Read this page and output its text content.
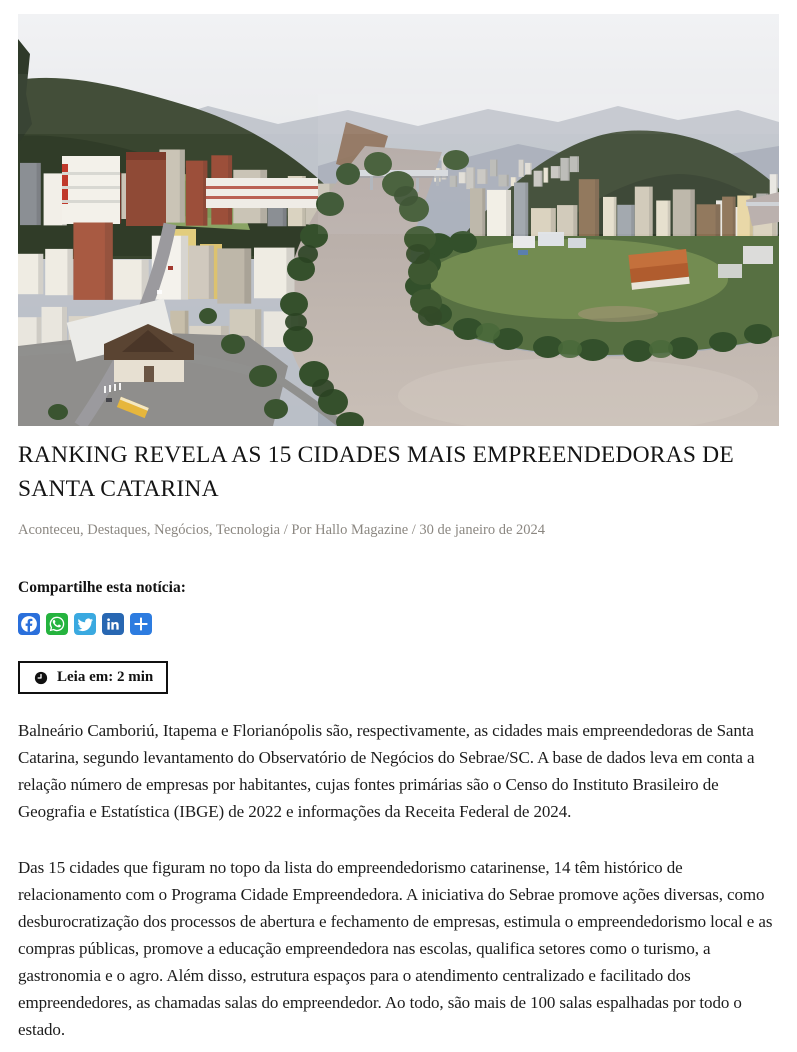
RANKING REVELA AS 15 CIDADES MAIS EMPREENDEDORAS DE SANTA CATARINA
Aconteceu, Destaques, Negócios, Tecnologia / Por Hallo Magazine / 30 de janeiro de 2024
Compartilhe esta notícia:
Leia em: 2 min

Balneário Camboriú, Itapema e Florianópolis são, respectivamente, as cidades mais empreendedoras de Santa Catarina, segundo levantamento do Observatório de Negócios do Sebrae/SC. A base de dados leva em conta a relação número de empresas por habitantes, cujas fontes primárias são o Censo do Instituto Brasileiro de Geografia e Estatística (IBGE) de 2022 e informações da Receita Federal de 2024.

Das 15 cidades que figuram no topo da lista do empreendedorismo catarinense, 14 têm histórico de relacionamento com o Programa Cidade Empreendedora. A iniciativa do Sebrae promove ações diversas, como desburocratização dos processos de abertura e fechamento de empresas, estimula o empreendedorismo local e as compras públicas, promove a educação empreendedora nas escolas, qualifica setores como o turismo, a gastronomia e o agro. Além disso, estrutura espaços para o atendimento centralizado e facilitado dos empreendedores, as chamadas salas do empreendedor. Ao todo, são mais de 100 salas espalhadas por todo o estado.
